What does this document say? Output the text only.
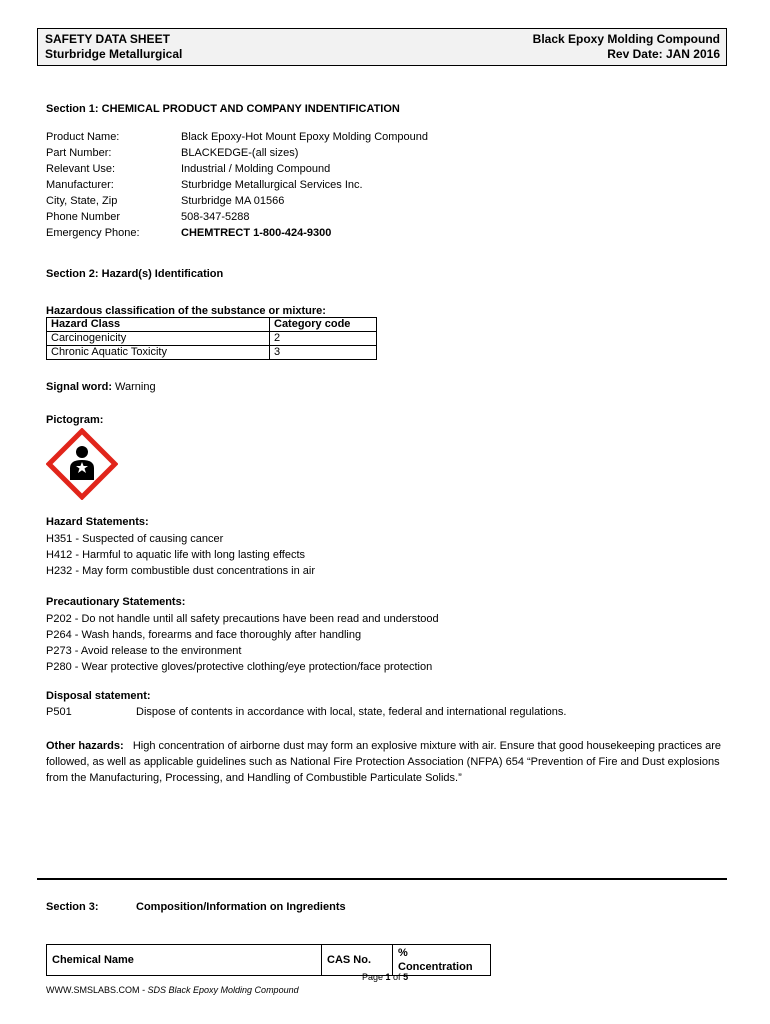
SAFETY DATA SHEET
Sturbridge Metallurgical
Black Epoxy Molding Compound
Rev Date: JAN 2016
Section 1: CHEMICAL PRODUCT AND COMPANY INDENTIFICATION
Product Name:	Black Epoxy-Hot Mount Epoxy Molding Compound
Part Number:	BLACKEDGE-(all sizes)
Relevant Use:	Industrial / Molding Compound
Manufacturer:	Sturbridge Metallurgical Services Inc.
City, State, Zip	Sturbridge MA 01566
Phone Number	508-347-5288
Emergency Phone:	CHEMTRECT 1-800-424-9300
Section 2: Hazard(s) Identification
Hazardous classification of the substance or mixture:
Hazard Class	Category code
Carcinogenicity	2
Chronic Aquatic Toxicity	3
Signal word: Warning
Pictogram:
Hazard Statements:
H351 - Suspected of causing cancer
H412 - Harmful to aquatic life with long lasting effects
H232 - May form combustible dust concentrations in air
Precautionary Statements:
P202 - Do not handle until all safety precautions have been read and understood
P264 - Wash hands, forearms and face thoroughly after handling
P273 - Avoid release to the environment
P280 - Wear protective gloves/protective clothing/eye protection/face protection
Disposal statement:
P501	Dispose of contents in accordance with local, state, federal and international regulations.
Other hazards: High concentration of airborne dust may form an explosive mixture with air. Ensure that good housekeeping practices are followed, as well as applicable guidelines such as National Fire Protection Association (NFPA) 654 “Prevention of Fire and Dust explosions from the Manufacturing, Processing, and Handling of Combustible Particulate Solids.”
Section 3:	Composition/Information on Ingredients
Chemical Name	CAS No.	% Concentration
Page 1 of 5
WWW.SMSLABS.COM - SDS Black Epoxy Molding Compound
